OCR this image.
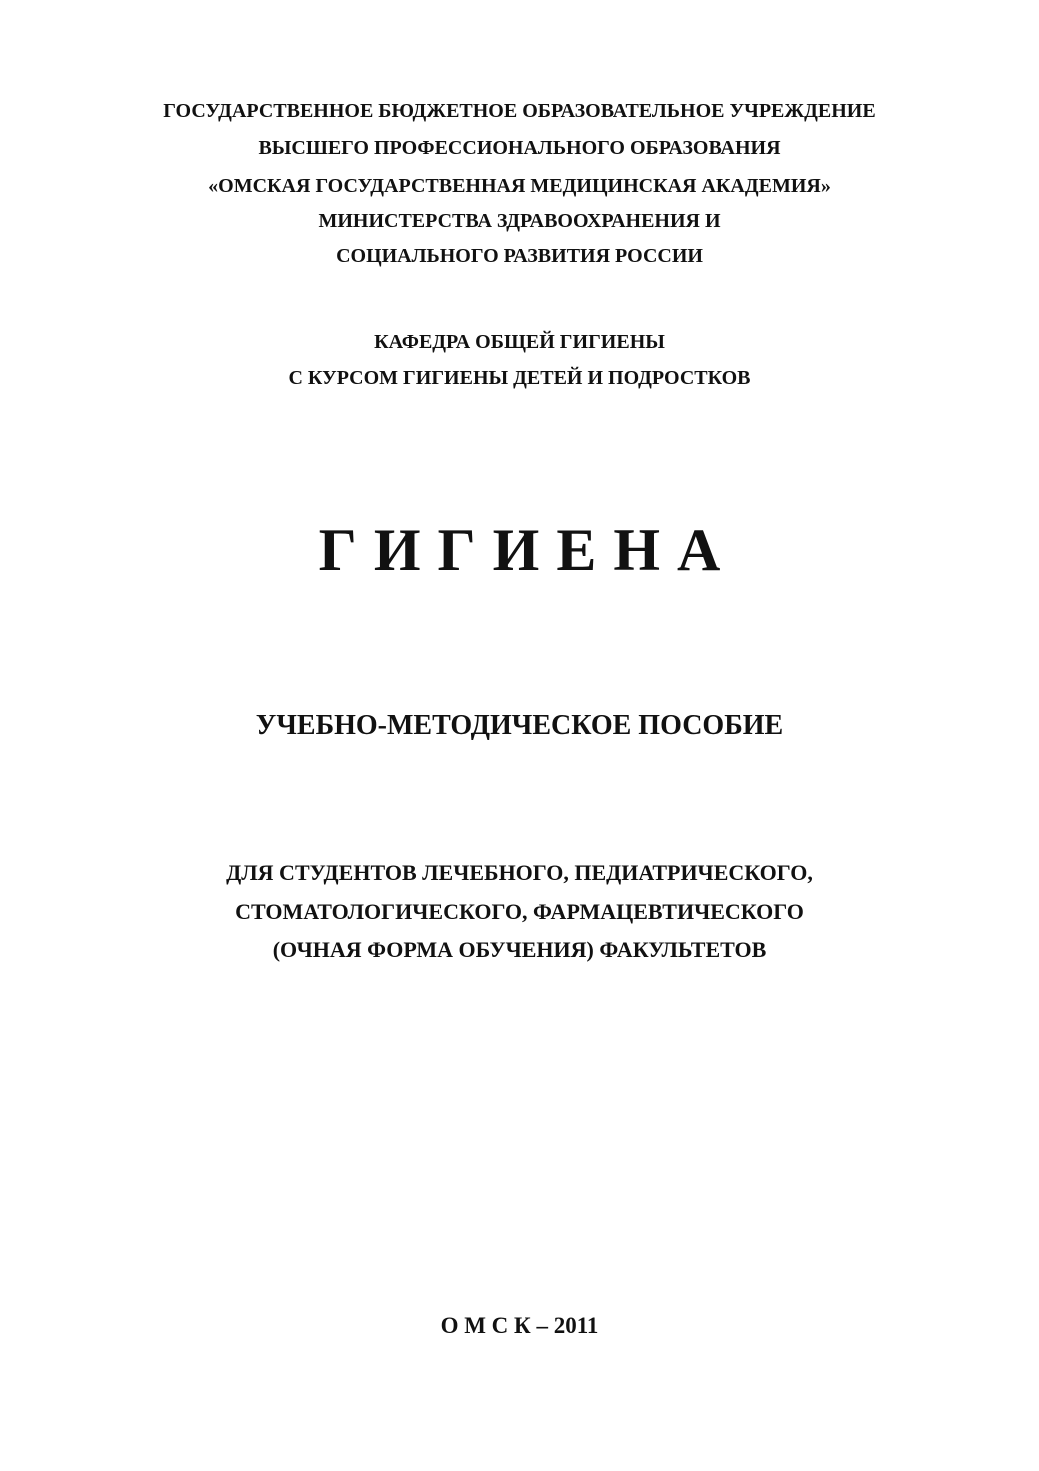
ГОСУДАРСТВЕННОЕ БЮДЖЕТНОЕ ОБРАЗОВАТЕЛЬНОЕ УЧРЕЖДЕНИЕ
ВЫСШЕГО ПРОФЕССИОНАЛЬНОГО ОБРАЗОВАНИЯ
«ОМСКАЯ ГОСУДАРСТВЕННАЯ МЕДИЦИНСКАЯ АКАДЕМИЯ»
МИНИСТЕРСТВА ЗДРАВООХРАНЕНИЯ И
СОЦИАЛЬНОГО РАЗВИТИЯ РОССИИ
КАФЕДРА ОБЩЕЙ ГИГИЕНЫ
С КУРСОМ ГИГИЕНЫ ДЕТЕЙ И ПОДРОСТКОВ
ГИГИЕНА
УЧЕБНО-МЕТОДИЧЕСКОЕ ПОСОБИЕ
ДЛЯ СТУДЕНТОВ ЛЕЧЕБНОГО, ПЕДИАТРИЧЕСКОГО,
СТОМАТОЛОГИЧЕСКОГО, ФАРМАЦЕВТИЧЕСКОГО
(ОЧНАЯ ФОРМА ОБУЧЕНИЯ) ФАКУЛЬТЕТОВ
О М С К – 2011
